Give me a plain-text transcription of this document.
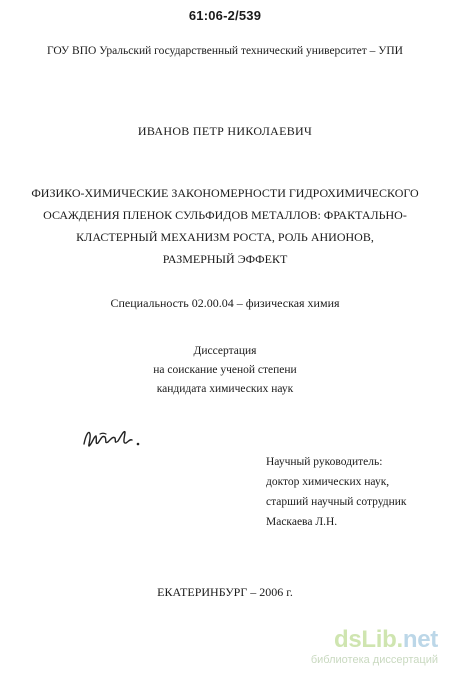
61:06-2/539
ГОУ ВПО Уральский государственный технический университет – УПИ
ИВАНОВ ПЕТР НИКОЛАЕВИЧ
ФИЗИКО-ХИМИЧЕСКИЕ ЗАКОНОМЕРНОСТИ ГИДРОХИМИЧЕСКОГО
ОСАЖДЕНИЯ ПЛЕНОК СУЛЬФИДОВ МЕТАЛЛОВ: ФРАКТАЛЬНО-
КЛАСТЕРНЫЙ МЕХАНИЗМ РОСТА, РОЛЬ АНИОНОВ,
РАЗМЕРНЫЙ ЭФФЕКТ
Специальность 02.00.04 – физическая химия
Диссертация
на соискание ученой степени
кандидата химических наук
Научный руководитель:
доктор химических наук,
старший научный сотрудник
Маскаева Л.Н.
ЕКАТЕРИНБУРГ – 2006 г.
dsLib.net
библиотека диссертаций
